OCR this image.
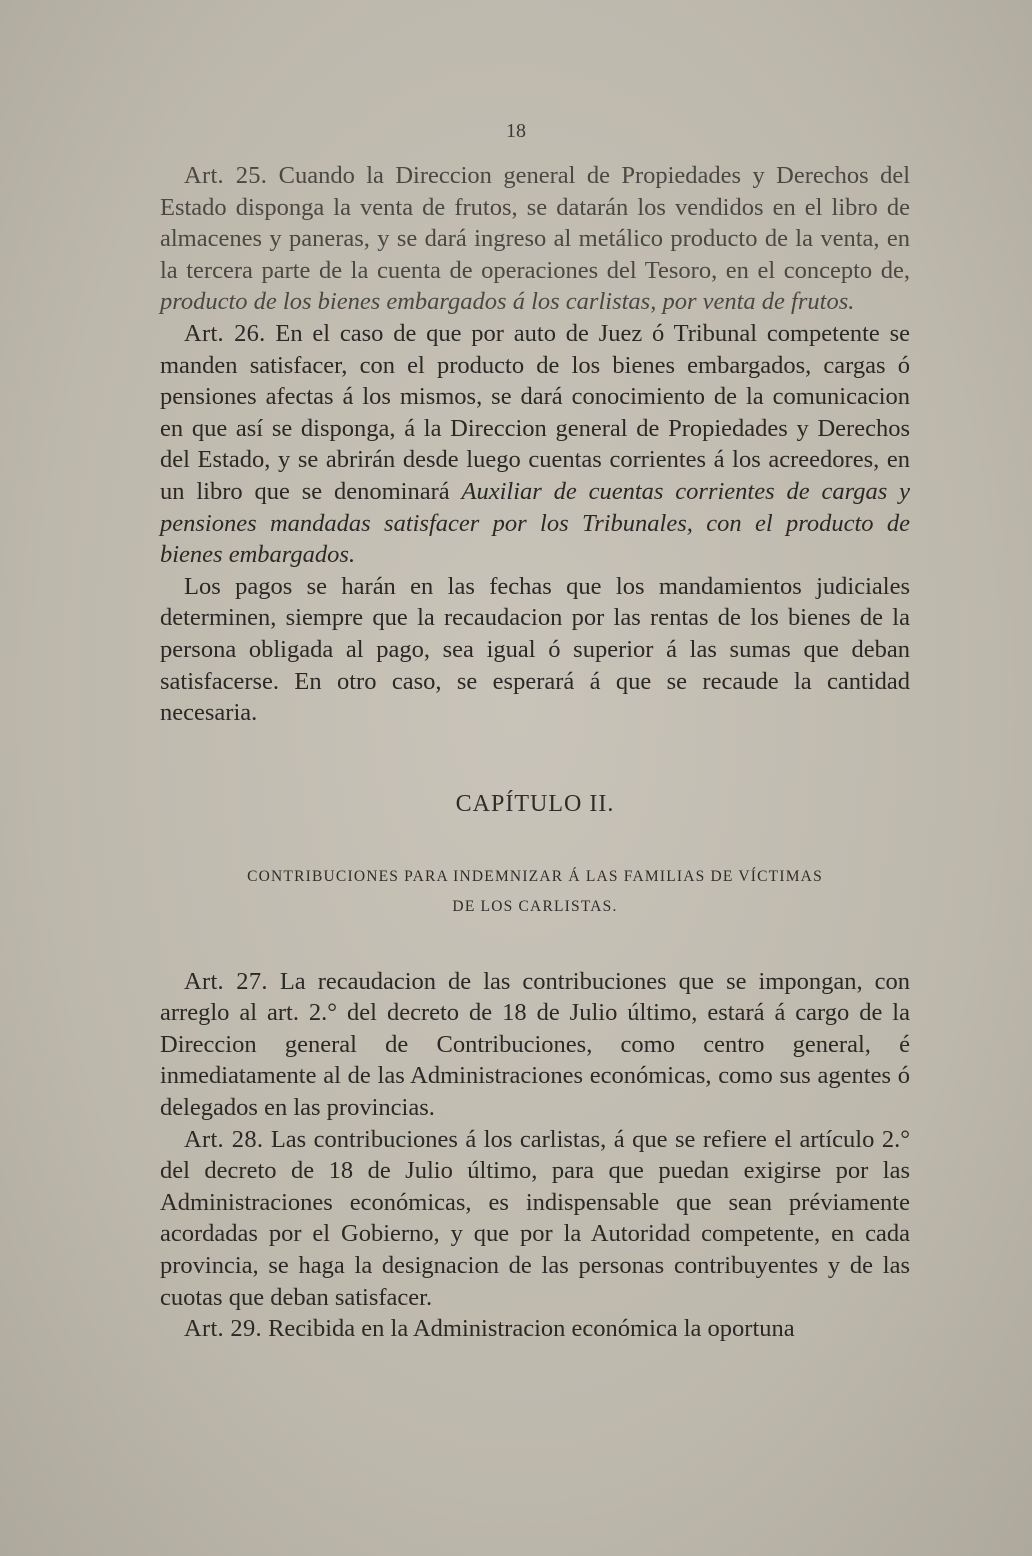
18

Art. 25. Cuando la Direccion general de Propiedades y Derechos del Estado disponga la venta de frutos, se datarán los vendidos en el libro de almacenes y paneras, y se dará ingreso al metálico producto de la venta, en la tercera parte de la cuenta de operaciones del Tesoro, en el concepto de, producto de los bienes embargados á los carlistas, por venta de frutos.

Art. 26. En el caso de que por auto de Juez ó Tribunal competente se manden satisfacer, con el producto de los bienes embargados, cargas ó pensiones afectas á los mismos, se dará conocimiento de la comunicacion en que así se disponga, á la Direccion general de Propiedades y Derechos del Estado, y se abrirán desde luego cuentas corrientes á los acreedores, en un libro que se denominará Auxiliar de cuentas corrientes de cargas y pensiones mandadas satisfacer por los Tribunales, con el producto de bienes embargados.

Los pagos se harán en las fechas que los mandamientos judiciales determinen, siempre que la recaudacion por las rentas de los bienes de la persona obligada al pago, sea igual ó superior á las sumas que deban satisfacerse. En otro caso, se esperará á que se recaude la cantidad necesaria.

CAPÍTULO II.
CONTRIBUCIONES PARA INDEMNIZAR Á LAS FAMILIAS DE VÍCTIMAS
DE LOS CARLISTAS.

Art. 27. La recaudacion de las contribuciones que se impongan, con arreglo al art. 2.° del decreto de 18 de Julio último, estará á cargo de la Direccion general de Contribuciones, como centro general, é inmediatamente al de las Administraciones económicas, como sus agentes ó delegados en las provincias.

Art. 28. Las contribuciones á los carlistas, á que se refiere el artículo 2.° del decreto de 18 de Julio último, para que puedan exigirse por las Administraciones económicas, es indispensable que sean préviamente acordadas por el Gobierno, y que por la Autoridad competente, en cada provincia, se haga la designacion de las personas contribuyentes y de las cuotas que deban satisfacer.

Art. 29. Recibida en la Administracion económica la oportuna
